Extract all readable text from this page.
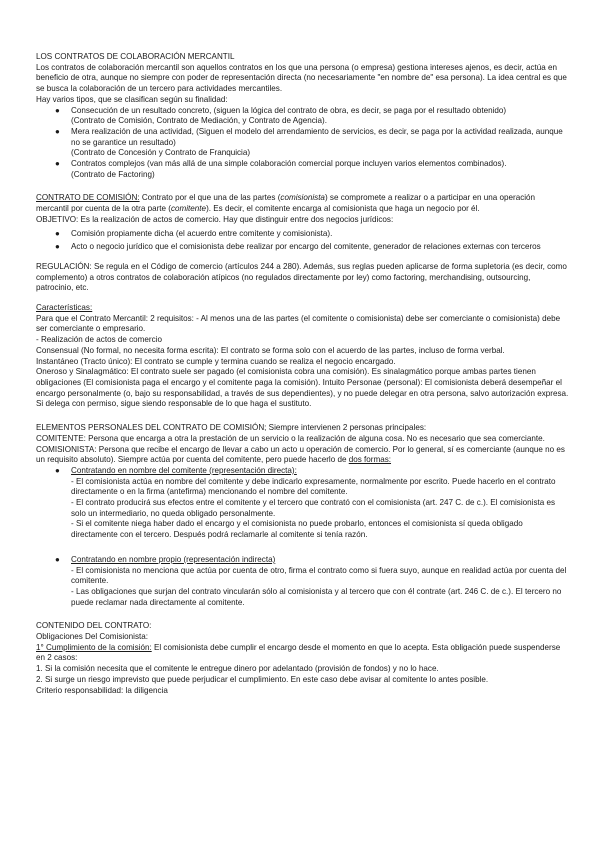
LOS CONTRATOS DE COLABORACIÓN MERCANTIL

Los contratos de colaboración mercantil son aquellos contratos en los que una persona (o empresa) gestiona intereses ajenos, es decir, actúa en beneficio de otra, aunque no siempre con poder de representación directa (no necesariamente "en nombre de" esa persona). La idea central es que se busca la colaboración de un tercero para actividades mercantiles.

Hay varios tipos, que se clasifican según su finalidad:

● Consecución de un resultado concreto, (siguen la lógica del contrato de obra, es decir, se paga por el resultado obtenido)
(Contrato de Comisión, Contrato de Mediación, y Contrato de Agencia).
● Mera realización de una actividad, (Siguen el modelo del arrendamiento de servicios, es decir, se paga por la actividad realizada, aunque no se garantice un resultado)
(Contrato de Concesión y Contrato de Franquicia)
● Contratos complejos (van más allá de una simple colaboración comercial porque incluyen varios elementos combinados).
(Contrato de Factoring)

CONTRATO DE COMISIÓN: Contrato por el que una de las partes (comisionista) se compromete a realizar o a participar en una operación mercantil por cuenta de la otra parte (comitente). Es decir, el comitente encarga al comisionista que haga un negocio por él.

OBJETIVO: Es la realización de actos de comercio. Hay que distinguir entre dos negocios jurídicos:

● Comisión propiamente dicha (el acuerdo entre comitente y comisionista).
● Acto o negocio jurídico que el comisionista debe realizar por encargo del comitente, generador de relaciones externas con terceros

REGULACIÓN: Se regula en el Código de comercio (artículos 244 a 280). Además, sus reglas pueden aplicarse de forma supletoria (es decir, como complemento) a otros contratos de colaboración atípicos (no regulados directamente por ley) como factoring, merchandising, outsourcing, patrocinio, etc.

Características:

Para que el Contrato Mercantil: 2 requisitos: - Al menos una de las partes (el comitente o comisionista) debe ser comerciante o comisionista) debe ser comerciante o empresario.

- Realización de actos de comercio

Consensual (No formal, no necesita forma escrita): El contrato se forma solo con el acuerdo de las partes, incluso de forma verbal.

Instantáneo (Tracto único): El contrato se cumple y termina cuando se realiza el negocio encargado.

Oneroso y Sinalagmático: El contrato suele ser pagado (el comisionista cobra una comisión). Es sinalagmático porque ambas partes tienen obligaciones (El comisionista paga el encargo y el comitente paga la comisión). Intuito Personae (personal): El comisionista deberá desempeñar el encargo personalmente (o, bajo su responsabilidad, a través de sus dependientes), y no puede delegar en otra persona, salvo autorización expresa. Si delega con permiso, sigue siendo responsable de lo que haga el sustituto.

ELEMENTOS PERSONALES DEL CONTRATO DE COMISIÓN; Siempre intervienen 2 personas principales:

COMITENTE: Persona que encarga a otra la prestación de un servicio o la realización de alguna cosa. No es necesario que sea comerciante.

COMISIONISTA: Persona que recibe el encargo de llevar a cabo un acto u operación de comercio. Por lo general, sí es comerciante (aunque no es un requisito absoluto). Siempre actúa por cuenta del comitente, pero puede hacerlo de dos formas:

● Contratando en nombre del comitente (representación directa):

- El comisionista actúa en nombre del comitente y debe indicarlo expresamente, normalmente por escrito. Puede hacerlo en el contrato directamente o en la firma (antefirma) mencionando el nombre del comitente.

- El contrato producirá sus efectos entre el comitente y el tercero que contrató con el comisionista (art. 247 C. de c.). El comisionista es solo un intermediario, no queda obligado personalmente.

- Si el comitente niega haber dado el encargo y el comisionista no puede probarlo, entonces el comisionista sí queda obligado directamente con el tercero. Después podrá reclamarle al comitente si tenía razón.

● Contratando en nombre propio (representación indirecta)

- El comisionista no menciona que actúa por cuenta de otro, firma el contrato como si fuera suyo, aunque en realidad actúa por cuenta del comitente.

- Las obligaciones que surjan del contrato vincularán sólo al comisionista y al tercero que con él contrate (art. 246 C. de c.). El tercero no puede reclamar nada directamente al comitente.

CONTENIDO DEL CONTRATO:

Obligaciones Del Comisionista:

1° Cumplimiento de la comisión: El comisionista debe cumplir el encargo desde el momento en que lo acepta. Esta obligación puede suspenderse en 2 casos:

1. Si la comisión necesita que el comitente le entregue dinero por adelantado (provisión de fondos) y no lo hace.

2. Si surge un riesgo imprevisto que puede perjudicar el cumplimiento. En este caso debe avisar al comitente lo antes posible.

Criterio responsabilidad: la diligencia
